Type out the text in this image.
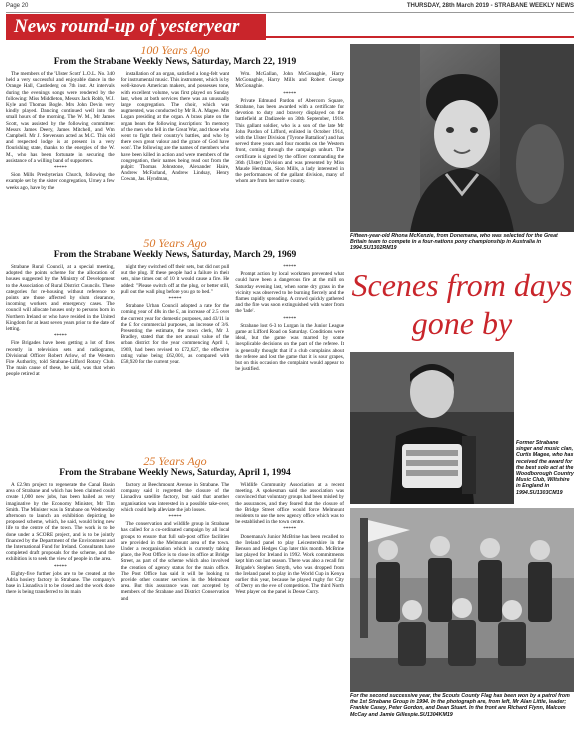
Page 20	THURSDAY, 28th March 2019 - STRABANE WEEKLY NEWS
News round-up of yesteryear
100 Years Ago
From the Strabane Weekly News, Saturday, March 22, 1919

The members of the 'Ulster Scott' L.O.L. No. 340 held a very successful and enjoyable dance in the Orange Hall, Castlederg on 7th inst. At intervals during the evenings songs were rendered by the following: Miss Middleton, Messrs Jack Robb, W.J. Kyle and Thomas Bogle. Mrs John Devin very kindly played. Dancing continued well into the small hours of the morning. The W. M., Mr James Scott, was assisted by the following committee: Messrs James Deery, James Mitchell, and Wm Campbell. Mr J. Stevenson acted as M.C. This old and respected lodge is at present in a very flourishing state, thanks to the energies of the W. M., who has been fortunate in securing the assistance of a willing band of supporters.

*****

Sion Mills Presbyterian Church, following the example set by the sister congregation, Urney a few weeks ago, have by the

installation of an organ, satisfied a long-felt want for instrumental music. This instrument, which is by well-known American makers, and possesses tone, with excellent volume, was first played on Sunday last, when at both services there was an unusually large congregation. The choir, which was augmented, was conducted by Mr R. A. Magee. Mrs Logan presiding at the organ. A brass plate on the organ bears the following inscription: 'In memory of the men who fell in the Great War, and those who went to fight their country's battles, and who by there own great valour and the grace of God have won'. The following are the names of members who have been killed in action and were members of the congregation, their names being read out from the pulpit: Thomas Johnstone, Alexander Haire, Andrew McFarland, Andrew Lindsay, Henry Cowan, Jas. Hyndman,

Wm. McGallan, John McGonaghie, Harry McGonaghie, Harry Mills and Robert George McGonaghie.

*****

Private Edmund Pardon of Abercorn Square, Strabane, has been awarded with a certificate for devotion to duty and bravery displayed on the battlefield at Dadizeele on 30th September, 1918. This gallant soldier, who is a son of the late Mr John Pardon of Lifford, enlisted in October 1914, with the Ulster Division ('Tyrone Battalion') and has served three years and four months on the Western front, coming through the campaign unhurt. The certificate is signed by the officer commanding the 36th (Ulster) Division and was presented by Miss Maude Herdman, Sion Mills, a lady interested in the performances of the gallant division, many of whom are from her native county.

50 Years Ago
From the Strabane Weekly News, Saturday, March 29, 1969

Strabane Rural Council, at a special meeting, adopted the points scheme for the allocation of houses suggested by the Ministry of Development to the Association of Rural District Councils. These categories for re-housing without reference to points are those affected by slum clearance, incoming workers and emergency cases. The council will allocate houses only to persons born in Northern Ireland or who have resided in the United Kingdom for at least seven years prior to the date of letting.

*****

Fire Brigades have been getting a lot of fires recently in television sets and radiograms, Divisional Officer Robert Arlow, of the Western Fire Authority, told Strabane-Lifford Rotary Club. The main cause of these, he said, was that when people retired at

night they switched off their sets, but did not pull out the plug. If these people had a failure in their sets, nine times out of 10 it would cause a fire. He added: "Please switch off at the plug, or better still, pull out the wall plug before you go to bed."

*****

Strabane Urban Council adopted a rate for the coming year of 48s in the £, an increase of 2.5 over the current year for domestic purposes, and 43/11 in the £ for commercial purposes, an increase of 3/6. Presenting the estimate, the town clerk, Mr J. Bradley, stated that the net annual value of the urban district for the year commencing April 1, 1969, had been revised to £72,627, the effective rating value being £62,001, as compared with £58,920 for the current year.

*****

Prompt action by local workmen prevented what could have been a dangerous fire at the mill on Saturday evening last, when some dry grass in the vicinity was observed to be burning fiercely and the flames rapidly spreading. A crowd quickly gathered and the fire was soon extinguished with water from the 'lade'.

*****

Strabane lost 6-3 to Lurgan in the Junior League game at Lifford Road on Saturday. Conditions were ideal, but the game was marred by some inexplicable decisions on the part of the referee. It is generally thought that if a club complains about the referee and lost the game that it is sour grapes, but on this occasion the complaint would appear to be justified.

25 Years Ago
From the Strabane Weekly News, Saturday, April 1, 1994

A £2.9m project to regenerate the Canal Basin area of Strabane and which has been claimed could create 1,000 new jobs, has been hailed as very imaginative by the Economy Minister, Mr Tim Smith. The Minister was in Strabane on Wednesday afternoon to launch an exhibition depicting he proposed scheme, which, he said, would bring new life to the centre of the town. The work is to be done under a SCORE project, and is to be jointly financed by the Department of the Environment and the International Fund for Ireland. Consultants have completed draft proposals for the scheme, and the exhibition is to seek the view of people in the area.

*****

Eighty-five further jobs are to be created at the Adria hosiery factory in Strabane. The company's base in Lisnadiva it to be closed and the work done there is being transferred to its main

factory at Beechmount Avenue in Strabane. The company said it regretted the closure of the Lisnadiva satellite factory, but said that another organisation was interested in a possible take-over, which could help alleviate the job losses.

*****

The conservation and wildlife group in Strabane has called for a co-ordinated campaign by all local groups to ensure that full sub-post office facilities are provided in the Melmount area of the town. Under a reorganisation which is currently taking place, the Post Office is to close its office at Bridge Street, as part of the scheme which also involved the creation of agency status for the main office. The Post Office has said it will be looking to provide other counter services in the Melmount area. But this assurance was not accepted by members of the Strabane and District Conservation and

Wildlife Community Association at a recent meeting. A spokesman said the association was convinced that voluntary groups had been misled by the assurances, and they feared that the closure of the Bridge Street office would force Melmount residents to use the new agency office which was to be established in the town centre.

*****

Donemana's Junior McBrine has been recalled to the Ireland panel to play Leicestershire in the Benson and Hedges Cup later this month. McBrine last played for Ireland in 1992. Work commitments kept him out last season. There was also a recall for Brigade's Stephen Smyth, who was dropped from the Ireland panel to play in the World Cup in Kenya earlier this year, because he played rugby for City of Derry on the eve of competition. The third North West player on the panel is Desse Curry.

Fifteen-year-old Rhona McKenzie, from Donemana, who was selected for the Great Britain team to compete in a four-nations pony championship in Australia in 1994.SU1302RM19
Scenes from days gone by
Former Strabane singer and music clan, Curtis Magee, who has received the award for the best solo act at the Woodborough Country Music Club, Wiltshire in England in 1994.SU1303CM19
For the second successive year, the Scouts County Flag has been won by a patrol from the 1st Strabane Group in 1994. In the photograph are, from left, Mr Alan Little, leader; Frankie Casey, Peter Gordon, and Dean Stuart. In the front are Richard Flynn, Malcom McCay and Jamie Gillespie.SU1304KM19
